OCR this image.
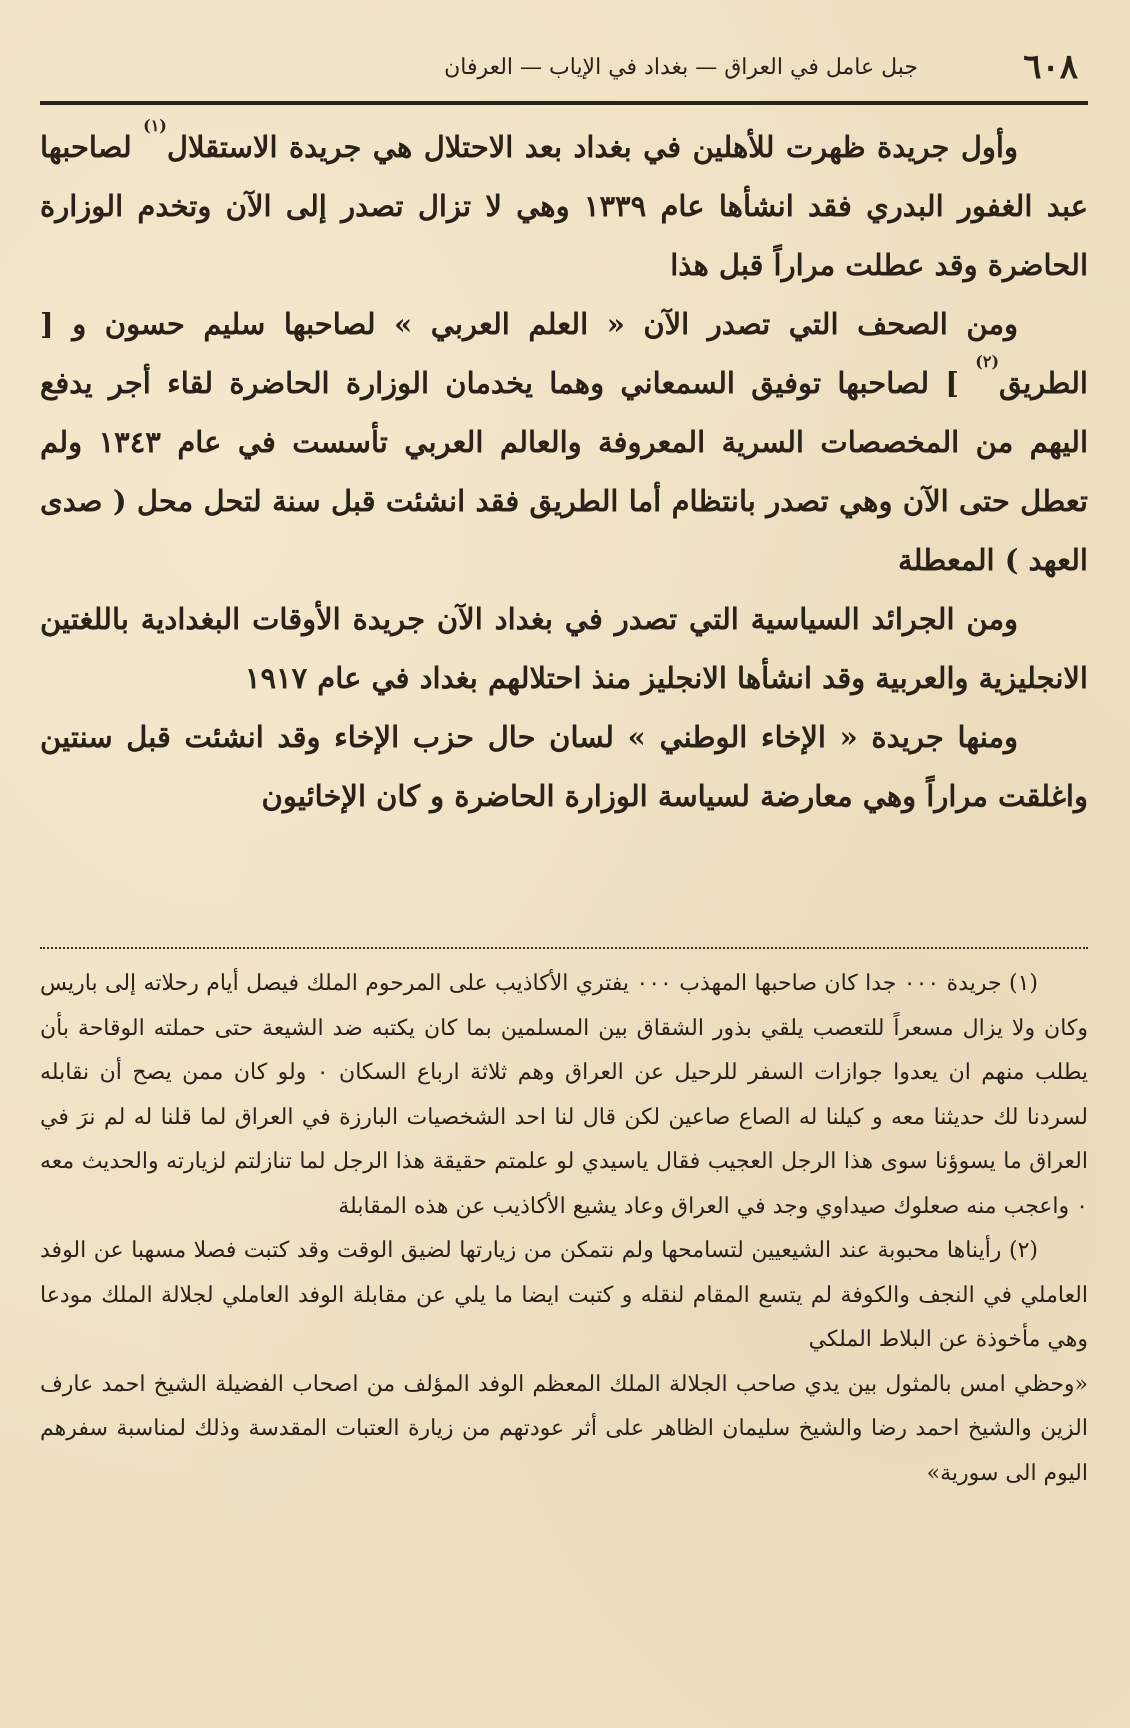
٦٠٨
جبل عامل في العراق — بغداد في الإياب — العرفان

وأول جريدة ظهرت للأهلين في بغداد بعد الاحتلال هي جريدة الاستقلال$^{(١)}$ لصاحبها عبد الغفور البدري فقد انشأها عام ١٣٣٩ وهي لا تزال تصدر إلى الآن وتخدم الوزارة الحاضرة وقد عطلت مراراً قبل هذا

ومن الصحف التي تصدر الآن « العلم العربي » لصاحبها سليم حسون و [ الطريق$^{(٢)}$ ] لصاحبها توفيق السمعاني وهما يخدمان الوزارة الحاضرة لقاء أجر يدفع اليهم من المخصصات السرية المعروفة والعالم العربي تأسست في عام ١٣٤٣ ولم تعطل حتى الآن وهي تصدر بانتظام أما الطريق فقد انشئت قبل سنة لتحل محل ( صدى العهد ) المعطلة

ومن الجرائد السياسية التي تصدر في بغداد الآن جريدة الأوقات البغدادية باللغتين الانجليزية والعربية وقد انشأها الانجليز منذ احتلالهم بغداد في عام ١٩١٧

ومنها جريدة « الإخاء الوطني » لسان حال حزب الإخاء وقد انشئت قبل سنتين واغلقت مراراً وهي معارضة لسياسة الوزارة الحاضرة و كان الإخائيون

(١) جريدة ٠٠٠ جدا كان صاحبها المهذب ٠٠٠ يفتري الأكاذيب على المرحوم الملك فيصل أيام رحلاته إلى باريس وكان ولا يزال مسعراً للتعصب يلقي بذور الشقاق بين المسلمين بما كان يكتبه ضد الشيعة حتى حملته الوقاحة بأن يطلب منهم ان يعدوا جوازات السفر للرحيل عن العراق وهم ثلاثة ارباع السكان ٠ ولو كان ممن يصح أن نقابله لسردنا لك حديثنا معه و كيلنا له الصاع صاعين لكن قال لنا احد الشخصيات البارزة في العراق لما قلنا له لم نرَ في العراق ما يسوؤنا سوى هذا الرجل العجيب فقال ياسيدي لو علمتم حقيقة هذا الرجل لما تنازلتم لزيارته والحديث معه ٠ واعجب منه صعلوك صيداوي وجد في العراق وعاد يشيع الأكاذيب عن هذه المقابلة

(٢) رأيناها محبوبة عند الشيعيين لتسامحها ولم نتمكن من زيارتها لضيق الوقت وقد كتبت فصلا مسهبا عن الوفد العاملي في النجف والكوفة لم يتسع المقام لنقله و كتبت ايضا ما يلي عن مقابلة الوفد العاملي لجلالة الملك مودعا وهي مأخوذة عن البلاط الملكي

«وحظي امس بالمثول بين يدي صاحب الجلالة الملك المعظم الوفد المؤلف من اصحاب الفضيلة الشيخ احمد عارف الزين والشيخ احمد رضا والشيخ سليمان الظاهر على أثر عودتهم من زيارة العتبات المقدسة وذلك لمناسبة سفرهم اليوم الى سورية»
